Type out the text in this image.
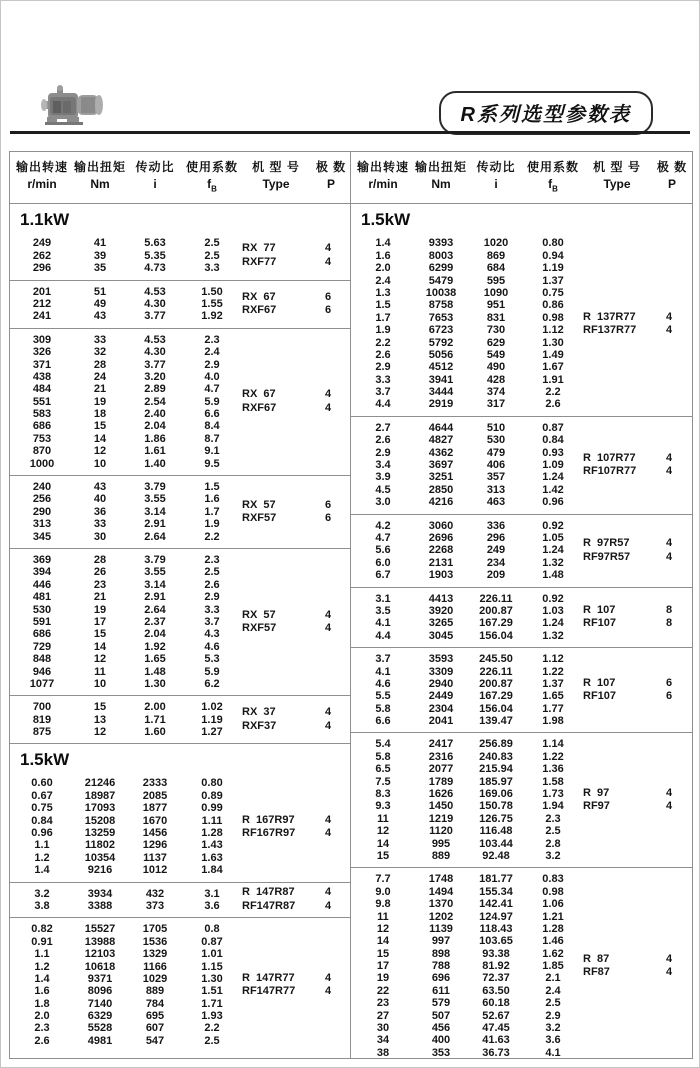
R系列选型参数表
输出转速
r/min
输出扭矩
Nm
传动比
i
使用系数
$f_B$
机 型 号
Type
极 数
P
1.1kW
249	41	5.63	2.5
262	39	5.35	2.5
296	35	4.73	3.3
RX  77	4
RXF77	4
201	51	4.53	1.50
212	49	4.30	1.55
241	43	3.77	1.92
RX  67	6
RXF67	6
309	33	4.53	2.3
326	32	4.30	2.4
371	28	3.77	2.9
438	24	3.20	4.0
484	21	2.89	4.7
551	19	2.54	5.9
583	18	2.40	6.6
686	15	2.04	8.4
753	14	1.86	8.7
870	12	1.61	9.1
1000	10	1.40	9.5
RX  67	4
RXF67	4
240	43	3.79	1.5
256	40	3.55	1.6
290	36	3.14	1.7
313	33	2.91	1.9
345	30	2.64	2.2
RX  57	6
RXF57	6
369	28	3.79	2.3
394	26	3.55	2.5
446	23	3.14	2.6
481	21	2.91	2.9
530	19	2.64	3.3
591	17	2.37	3.7
686	15	2.04	4.3
729	14	1.92	4.6
848	12	1.65	5.3
946	11	1.48	5.9
1077	10	1.30	6.2
RX  57	4
RXF57	4
700	15	2.00	1.02
819	13	1.71	1.19
875	12	1.60	1.27
RX  37	4
RXF37	4
1.5kW
0.60	21246	2333	0.80
0.67	18987	2085	0.89
0.75	17093	1877	0.99
0.84	15208	1670	1.11
0.96	13259	1456	1.28
1.1	11802	1296	1.43
1.2	10354	1137	1.63
1.4	9216	1012	1.84
R  167R97	4
RF167R97	4
3.2	3934	432	3.1
3.8	3388	373	3.6
R  147R87	4
RF147R87	4
0.82	15527	1705	0.8
0.91	13988	1536	0.87
1.1	12103	1329	1.01
1.2	10618	1166	1.15
1.4	9371	1029	1.30
1.6	8096	889	1.51
1.8	7140	784	1.71
2.0	6329	695	1.93
2.3	5528	607	2.2
2.6	4981	547	2.5
R  147R77	4
RF147R77	4
输出转速
r/min
输出扭矩
Nm
传动比
i
使用系数
$f_B$
机 型 号
Type
极 数
P
1.5kW
1.4	9393	1020	0.80
1.6	8003	869	0.94
2.0	6299	684	1.19
2.4	5479	595	1.37
1.3	10038	1090	0.75
1.5	8758	951	0.86
1.7	7653	831	0.98
1.9	6723	730	1.12
2.2	5792	629	1.30
2.6	5056	549	1.49
2.9	4512	490	1.67
3.3	3941	428	1.91
3.7	3444	374	2.2
4.4	2919	317	2.6
R  137R77	4
RF137R77	4
2.7	4644	510	0.87
2.6	4827	530	0.84
2.9	4362	479	0.93
3.4	3697	406	1.09
3.9	3251	357	1.24
4.5	2850	313	1.42
3.0	4216	463	0.96
R  107R77	4
RF107R77	4
4.2	3060	336	0.92
4.7	2696	296	1.05
5.6	2268	249	1.24
6.0	2131	234	1.32
6.7	1903	209	1.48
R  97R57	4
RF97R57	4
3.1	4413	226.11	0.92
3.5	3920	200.87	1.03
4.1	3265	167.29	1.24
4.4	3045	156.04	1.32
R  107	8
RF107	8
3.7	3593	245.50	1.12
4.1	3309	226.11	1.22
4.6	2940	200.87	1.37
5.5	2449	167.29	1.65
5.8	2304	156.04	1.77
6.6	2041	139.47	1.98
R  107	6
RF107	6
5.4	2417	256.89	1.14
5.8	2316	240.83	1.22
6.5	2077	215.94	1.36
7.5	1789	185.97	1.58
8.3	1626	169.06	1.73
9.3	1450	150.78	1.94
11	1219	126.75	2.3
12	1120	116.48	2.5
14	995	103.44	2.8
15	889	92.48	3.2
R  97	4
RF97	4
7.7	1748	181.77	0.83
9.0	1494	155.34	0.98
9.8	1370	142.41	1.06
11	1202	124.97	1.21
12	1139	118.43	1.28
14	997	103.65	1.46
15	898	93.38	1.62
17	788	81.92	1.85
19	696	72.37	2.1
22	611	63.50	2.4
23	579	60.18	2.5
27	507	52.67	2.9
30	456	47.45	3.2
34	400	41.63	3.6
38	353	36.73	4.1
R  87	4
RF87	4
